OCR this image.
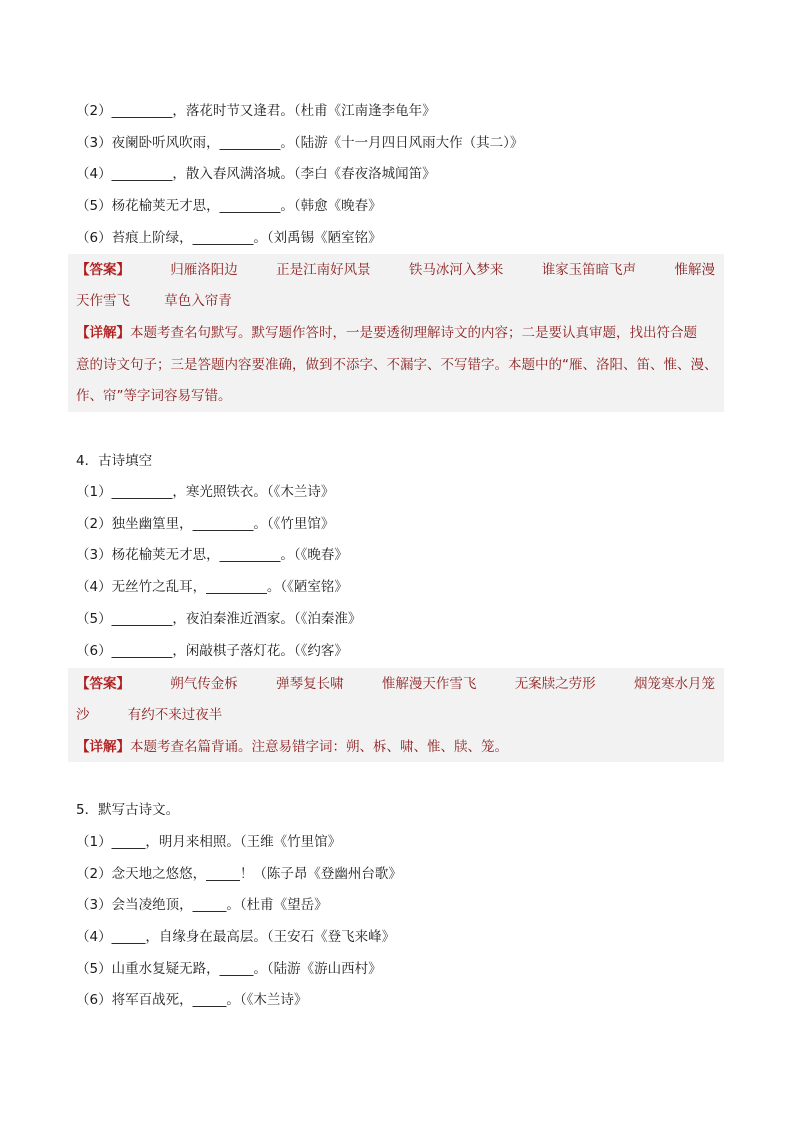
（2）_________，落花时节又逢君。（杜甫《江南逢李龟年》
（3）夜阑卧听风吹雨，_________。（陆游《十一月四日风雨大作（其二）》
（4）_________，散入春风满洛城。（李白《春夜洛城闻笛》
（5）杨花榆荚无才思，_________。（韩愈《晚春》
（6）苔痕上阶绿，_________。（刘禹锡《陋室铭》
【答案】	归雁洛阳边	正是江南好风景	铁马冰河入梦来	谁家玉笛暗飞声	惟解漫
天作雪飞	草色入帘青
【详解】本题考查名句默写。默写题作答时，一是要透彻理解诗文的内容；二是要认真审题，找出符合题
意的诗文句子；三是答题内容要准确，做到不添字、不漏字、不写错字。本题中的“雁、洛阳、笛、惟、漫、
作、帘”等字词容易写错。
4．古诗填空
（1）_________，寒光照铁衣。（《木兰诗》
（2）独坐幽篁里，_________。（《竹里馆》
（3）杨花榆荚无才思，_________。（《晚春》
（4）无丝竹之乱耳，_________。（《陋室铭》
（5）_________，夜泊秦淮近酒家。（《泊秦淮》
（6）_________，闲敲棋子落灯花。（《约客》
【答案】	朔气传金柝	弹琴复长啸	惟解漫天作雪飞	无案牍之劳形	烟笼寒水月笼
沙	有约不来过夜半
【详解】本题考查名篇背诵。注意易错字词：朔、柝、啸、惟、牍、笼。
5．默写古诗文。
（1）_____，明月来相照。（王维《竹里馆》
（2）念天地之悠悠，_____！（陈子昂《登幽州台歌》
（3）会当凌绝顶，_____。（杜甫《望岳》
（4）_____，自缘身在最高层。（王安石《登飞来峰》
（5）山重水复疑无路，_____。（陆游《游山西村》
（6）将军百战死，_____。（《木兰诗》
